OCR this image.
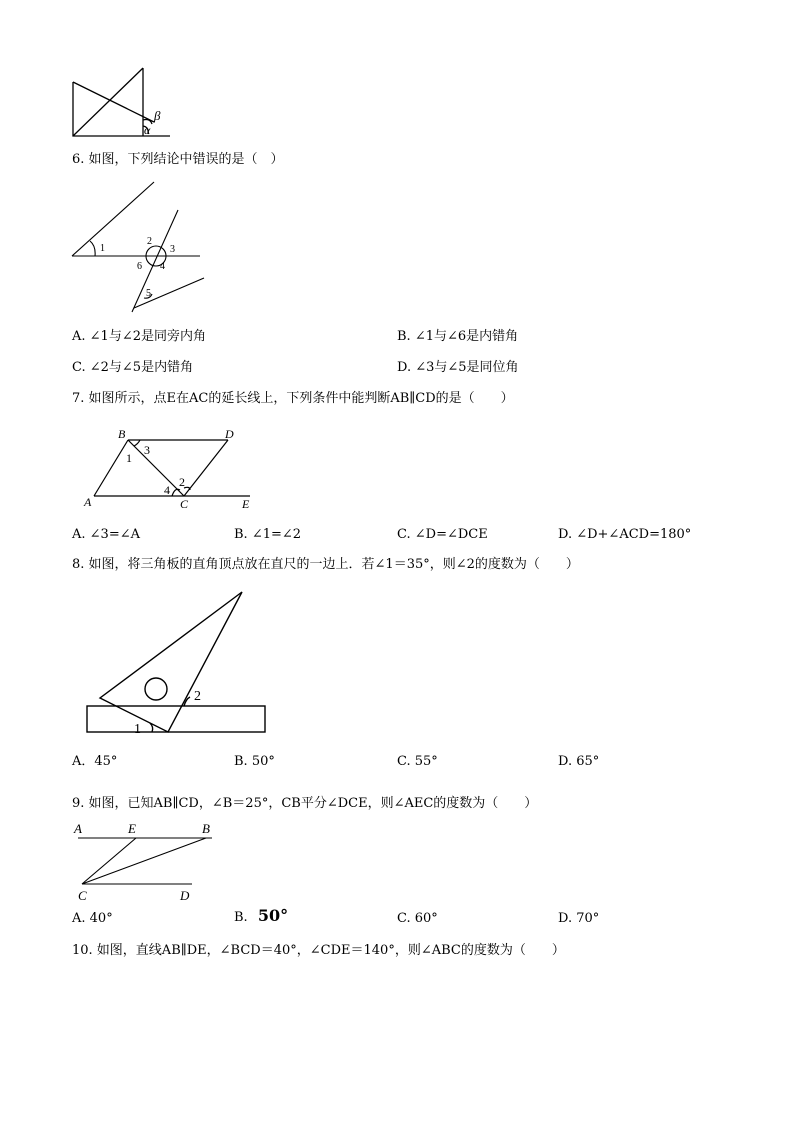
β
α
6. 如图，下列结论中错误的是（　）
1
2
3
4
5
6
A. ∠1与∠2是同旁内角	B. ∠1与∠6是内错角
C. ∠2与∠5是内错角	D. ∠3与∠5是同位角
7. 如图所示，点E在AC的延长线上，下列条件中能判断AB∥CD的是（　　）
B	D
A	C	E
1
2
3
4
A. ∠3=∠A	B. ∠1=∠2	C. ∠D=∠DCE	D. ∠D+∠ACD=180°
8. 如图，将三角板的直角顶点放在直尺的一边上．若∠1＝35°，则∠2的度数为（　　）
1
2
A．45°	B. 50°	C. 55°	D. 65°
9. 如图，已知AB∥CD，∠B＝25°，CB平分∠DCE，则∠AEC的度数为（　　）
A	E	B
C	D
A. 40°	B. 50°	C. 60°	D. 70°
10. 如图，直线AB∥DE，∠BCD＝40°，∠CDE＝140°，则∠ABC的度数为（　　）
